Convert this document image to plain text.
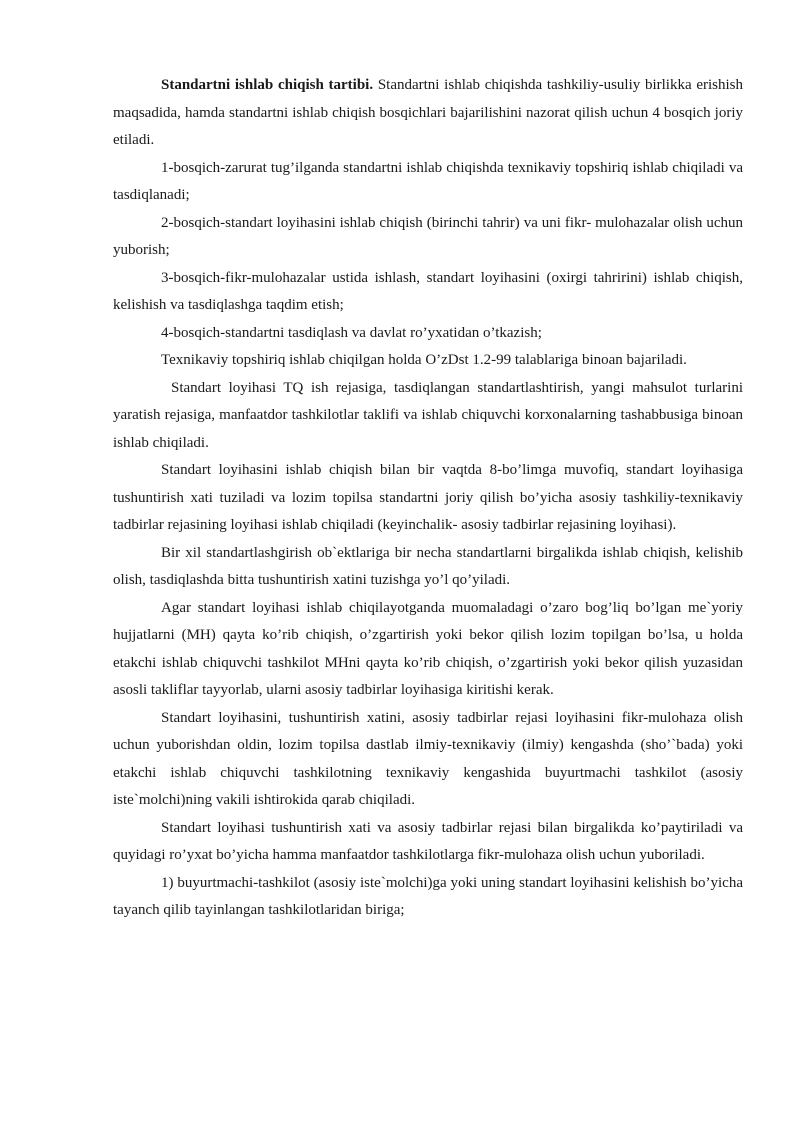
Standartni ishlab chiqish tartibi. Standartni ishlab chiqishda tashkiliy-usuliy birlikka erishish maqsadida, hamda standartni ishlab chiqish bosqichlari bajarilishini nazorat qilish uchun 4 bosqich joriy etiladi.

1-bosqich-zarurat tug’ilganda standartni ishlab chiqishda texnikaviy topshiriq ishlab chiqiladi va tasdiqlanadi;

2-bosqich-standart loyihasini ishlab chiqish (birinchi tahrir) va uni fikr- mulohazalar olish uchun yuborish;

3-bosqich-fikr-mulohazalar ustida ishlash, standart loyihasini (oxirgi tahririni) ishlab chiqish, kelishish va tasdiqlashga taqdim etish;

4-bosqich-standartni tasdiqlash va davlat ro’yxatidan o’tkazish;

Texnikaviy topshiriq ishlab chiqilgan holda O’zDst 1.2-99 talablariga binoan bajariladi.

Standart loyihasi TQ ish rejasiga, tasdiqlangan standartlashtirish, yangi mahsulot turlarini yaratish rejasiga, manfaatdor tashkilotlar taklifi va ishlab chiquvchi korxonalarning tashabbusiga binoan ishlab chiqiladi.

Standart loyihasini ishlab chiqish bilan bir vaqtda 8-bo’limga muvofiq, standart loyihasiga tushuntirish xati tuziladi va lozim topilsa standartni joriy qilish bo’yicha asosiy tashkiliy-texnikaviy tadbirlar rejasining loyihasi ishlab chiqiladi (keyinchalik- asosiy tadbirlar rejasining loyihasi).

Bir xil standartlashgirish ob`ektlariga bir necha standartlarni birgalikda ishlab chiqish, kelishib olish, tasdiqlashda bitta tushuntirish xatini tuzishga yo’l qo’yiladi.

Agar standart loyihasi ishlab chiqilayotganda muomaladagi o’zaro bog’liq bo’lgan me`yoriy hujjatlarni (MH) qayta ko’rib chiqish, o’zgartirish yoki bekor qilish lozim topilgan bo’lsa, u holda etakchi ishlab chiquvchi tashkilot MHni qayta ko’rib chiqish, o’zgartirish yoki bekor qilish yuzasidan asosli takliflar tayyorlab, ularni asosiy tadbirlar loyihasiga kiritishi kerak.

Standart loyihasini, tushuntirish xatini, asosiy tadbirlar rejasi loyihasini fikr-mulohaza olish uchun yuborishdan oldin, lozim topilsa dastlab ilmiy-texnikaviy (ilmiy) kengashda (sho’`bada) yoki etakchi ishlab chiquvchi tashkilotning texnikaviy kengashida buyurtmachi tashkilot (asosiy iste`molchi)ning vakili ishtirokida qarab chiqiladi.

Standart loyihasi tushuntirish xati va asosiy tadbirlar rejasi bilan birgalikda ko’paytiriladi va quyidagi ro’yxat bo’yicha hamma manfaatdor tashkilotlarga fikr-mulohaza olish uchun yuboriladi.

1) buyurtmachi-tashkilot (asosiy iste`molchi)ga yoki uning standart loyihasini kelishish bo’yicha tayanch qilib tayinlangan tashkilotlaridan biriga;
